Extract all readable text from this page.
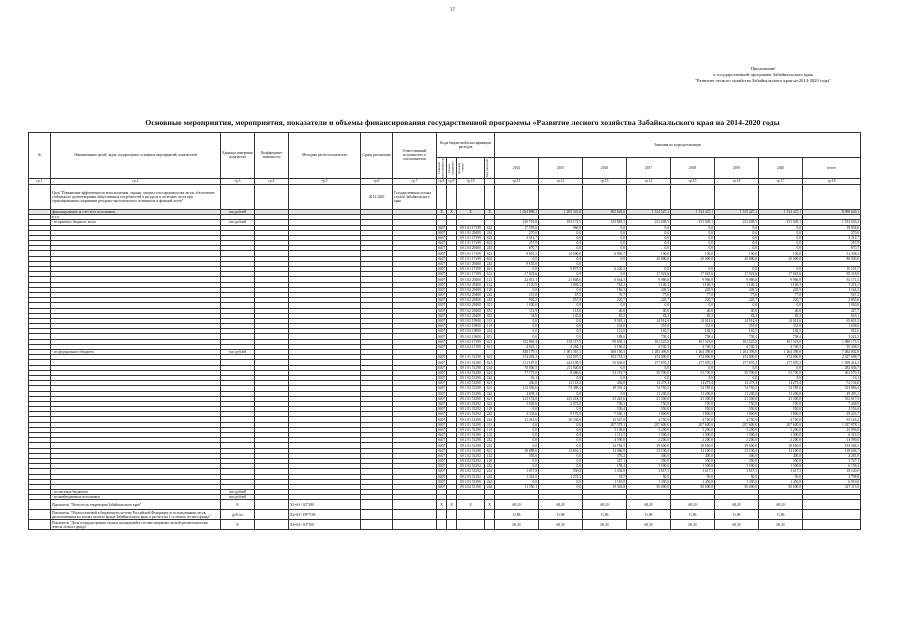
37
Приложение
к государственной программе Забайкальского края
"Развитие лесного хозяйства Забайкальского края на 2014-2020 годы"
Основные мероприятия, мероприятия, показатели и объемы финансирования государственной программы «Развитие лесного хозяйства Забайкальского края на 2014-2020 годы
№	Наименование целей, задач, подпрограмм, основных мероприятий, показателей	Единица измерения показателя	Коэффициент значимости	Методика расчета показателя	Сроки реализации	Ответственный исполнитель и соисполнители	Коды бюджетной классификации расходов				Значения по годам реализации							

							Главный распорядитель	Раздел, подраздел	Целевая статья	Вид расходов	2014	2015	2016	2017	2018	2019	2020	итого
гр.1	гр.2	гр.3	гр.4	гр.5	гр.6	гр.7	гр.8	гр.9	гр.10		гр.11	гр.12	гр.13	гр.14	гр.15	гр.16	гр.17	гр.18
	Цель "Повышение эффективности использования, охраны, защиты и воспроизводства лесов, обеспечение стабильного удовлетворения общественных потребностей в ресурсах и полезных лесах при гарантированном сохранении ресурсно-экологического потенциала и функций лесов"				2014-2020	Государственная лесная служба Забайкальского края												
	финансирование за счет всех источников,	тыс.рублей					X	X	X	X	1 054 890,1	1 205 541,8	692 643,6	1 514 527,1	1 513 427,1	1 515 427,1	1 513 427,1	8 990 620,1
	в т.ч.																	
	- из краевого бюджета, всего	тыс.рублей									216 710,8	192 174,5	123 883,3	231 028,1	231 028,1	231 028,1	231 028,1	1 533 626,2
							0407		09 1 01 17199	612	17 978,6	960,0	0,0	0,0	0,0	0,0	0,0	18 938,6
							0407		09 1 02 29400	244	270,0	0,0	0,0	0,0	0,0	0,0	0,0	270,0
							0407		09 1 01 17199	622	3 312,7	0,0	0,0	0,0	0,0	0,0	0,0	3 312,7
							0407		09 1 01 17199	621	257,9	0,0	0,0	0,0	0,0	0,0	0,0	257,9
							0407		09 2 04 29400	244	870,7	0,0	0,0	0,0	0,0	0,0	0,0	870,7
							0407		09 3 01 17199	621	9 901,5	14 000,0	6 806,7	150,0	150,0	150,0	150,0	31 308,2
							0407		09 3 01 17199	622	0,0	0,0	0,0	20 000,0	20 000,0	20 000,0	20 000,0	80 000,0
							0407		09 3 01 29400	244	9 655,0	0,0						
							0407		09 3 01 17199	611	0,0	9 875,5	6 226,2	0,0	0,0	0,0	0,0	16 101,7
							0407		09 3 01 17199	612	17 023,6	0,0	0,0	17 023,6	17 023,6	17 023,6	17 023,6	85 118,0
							0407		09 3 02 29400	121	22 811,1	21 848,6	6 644,3	9 966,8	9 966,8	9 966,8	9 966,8	92 171,2
							0407		09 3 02 29400	122	1 120,9	1 003,2	764,2	1 146,3	1 146,3	1 146,3	1 146,3	7 474,2
							0407		09 3 02 29400	129	0,0	0,0	166,3	249,5	249,5	249,5	249,5	1 164,3
							0407		09 3 02 29400	242	115,0	67,5	76,7	77,0	77,0	77,0	77,0	567,2
							0407		09 3 02 29400	244	904,2	857,9	220,7	220,7	220,7	220,7	220,7	2 865,6
							0407		09 3 02 29400	321	1 030,0	0,0	0,0	0,0	0,0	0,0	0,0	1 030,0
							0407		09 3 02 29400	851	112,9	114,8	40,0	40,0	40,0	40,0	40,0	427,7
							0407		09 3 02 29400	852	34,6	145,0	83,3	83,3	83,3	83,3	83,3	616,1
							0407		09 3 02 19900	111	0,0	0,0	9 565,1	14 014,6	14 014,6	14 014,6	14 014,6	65 601,3
							0407		09 3 02 19900	119	0,0	0,0	234,0	351,0	351,0	351,0	351,0	1 638,0
							0407		09 3 02 19900	244	0,0	0,0	121,6	182,5	182,5	182,5	182,5	851,6
							0407		09 3 02 19900	851	0,0	0,0	188,6	758,4	758,4	758,4	758,4	3 222,2
							0407		09 3 02 17199	621	132 869,4	139 117,9	99 036,1	181 523,0	181 523,0	181 523,0	181 523,0	1 088 175,3
							0407		09 3 02 17199	611	4 023,1	4 284,1	3 166,2	4 740,3	4 740,3	4 740,3	4 740,3	30 348,5
	- из федерального бюджета	тыс.рублей									838 179,3	1 001 367,3	568 160,3	1 283 499,0	1 264 399,0	1 264 399,0	1 264 399,0	7 484 802,9
							0407		09 1 01 51290	621	174 492,2	154 597,5	102 753,5	474 000,0	474 000,0	474 000,0	474 000,0	2 327 908,7
							0407		09 1 01 51290	621	111 187,0	242 109,5	55 636,0	277 870,3	277 870,3	277 870,3	277 870,3	1 499 414,3
							0407		09 1 01 51290	244	70 000,5	211 920,6	0,0	0,0	0,0	0,0	0,0	282 036,7
							0407		09 1 02 51290	621	77 775,0	8 486,6	53 119,7	55 700,0	55 700,0	55 700,0	55 700,0	361 570,3
							0407		09 1 02 51290	244	16,1	0,0	0,0	0,0	0,0	0,0	0,0	16,1
							0407		09 1 03 51290	621	436,0	14 181,2	436,0	14 275,4	14 275,4	14 275,4	14 275,4	72 154,8
							0407		09 1 03 51290	621	112 056,6	73 388,4	49 301,4	74 785,0	74 785,0	74 785,0	74 785,0	533 886,4
							0407		09 2 01 51290	244	4 693,1	0,0	0,0	11 200,0	11 200,0	11 200,0	11 200,0	49 493,1
							0407		09 2 01 51290	621	212 174,0	233 218,3	25 423,6	21 300,0	21 300,0	21 300,0	21 300,0	552 817,9
							0407		09 2 01 51292	621	1 629,6	2 073,0	736,3	750,0	750,0	750,0	750,0	7 438,9
							0407		09 2 01 51292	129	0,0	0,0	356,4	550,0	550,0	550,0	550,0	2 556,4
							0407		09 2 01 51292	242	3 333,6	9 170,0	7 540,1	1 800,0	1 800,0	1 800,0	1 800,0	29 243,7
							0407		09 2 01 51290	244	21 261,6	30 336,0	13 547,8	4 750,0	4 750,0	4 750,0	4 750,0	93 145,4
							0407		09 2 01 51290	111	0,0	0,0	207 578,1	207 600,0	207 600,0	207 600,0	207 600,0	1 037 978,1
							0407		09 2 01 51290	119	0,0	0,0	5 196,8	5 200,0	5 200,0	5 200,0	5 200,0	25 996,8
							0407		09 2 01 51290	122	0,0	0,0	1 112,5	1 300,0	1 300,0	1 300,0	1 300,0	6 312,5
							0407		09 2 01 51290	242	0,0	0,0	4 590,0	2 200,0	2 200,0	2 200,0	2 200,0	13 390,0
							0407		09 2 02 51290	244	0,0	0,0	34 784,5	39 650,0	39 650,0	39 650,0	39 650,0	193 384,5
							0407		09 2 02 51290	621	38 888,6	13 691,3	13 066,8	13 100,0	13 100,0	13 100,0	13 100,0	118 046,7
							0407		09 2 02 51292	122	305,6	0,0	376,2	400,0	400,0	400,0	400,0	2 281,8
							0407		09 2 02 51292	129	0,0	0,0	327,1	350,0	350,0	350,0	350,0	1 727,1
							0407		09 2 02 51292	242	0,0	0,0	158,4	1 500,0	1 500,0	1 500,0	1 500,0	6 158,4
							0407		09 2 03 51292	244	1 817,8	550,2	1 302,8	3 617,3	3 617,3	3 617,3	3 617,3	18 140,0
							0407		09 2 03 51292	242	1 341,5	1 272,3	33,7	50,0	50,0	50,0	50,0	2 798,8
							0407		09 2 03 51290	244	0,0	0,0	1 110,0	1 450,0	1 450,0	1 450,0	1 450,0	6 910,0
							0407		09 2 04 51190	244	11 350,1	0,0	19 343,8	50 000,0	50 000,0	50 000,0	50 000,0	227 113,9
	- из местных бюджетов	тыс.рублей																
	- из внебюджетных источников	тыс.рублей																
	Показатель "Лесистость территории Забайкальского края"	%		Х1=S1 / S2*100			X	X	X	X	68,20	68,20	68,20	68,20	68,20	68,20	68,20	
	Показатель "Объем платежей в бюджетную систему Российской Федерации от использования лесов, расположенных на землях лесного фонда Забайкальского края, в расчете на 1 га земель лесного фонда"	руб./га		Х2=S3 / FIF*100							11,88	11,68	11,86	11,86	11,86	11,86	11,86	
	Показатель "Доля площади ценных лесных насаждений в составе покрытых лесной растительностью земель лесного фонда"	%		Х4=S4 / S3*100							68,30	68,30	68,30	68,30	68,30	68,30	68,30	
